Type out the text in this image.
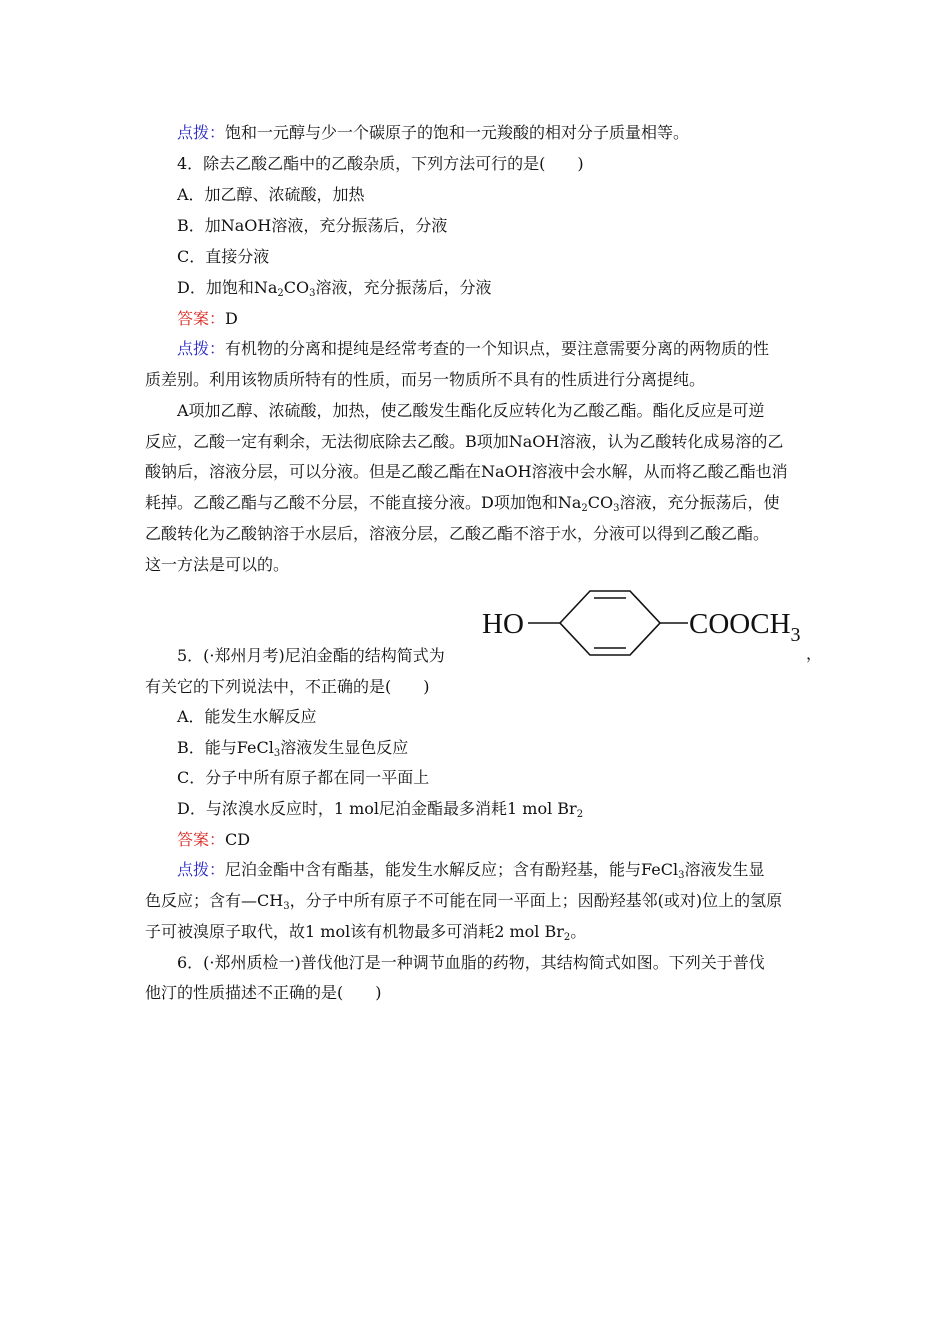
点拨：饱和一元醇与少一个碳原子的饱和一元羧酸的相对分子质量相等。
4．除去乙酸乙酯中的乙酸杂质，下列方法可行的是(　　)
A．加乙醇、浓硫酸，加热
B．加NaOH溶液，充分振荡后，分液
C．直接分液
D．加饱和$Na_2CO_3$溶液，充分振荡后，分液
答案：D
点拨：有机物的分离和提纯是经常考查的一个知识点，要注意需要分离的两物质的性
质差别。利用该物质所特有的性质，而另一物质所不具有的性质进行分离提纯。
A项加乙醇、浓硫酸，加热，使乙酸发生酯化反应转化为乙酸乙酯。酯化反应是可逆
反应，乙酸一定有剩余，无法彻底除去乙酸。B项加NaOH溶液，认为乙酸转化成易溶的乙
酸钠后，溶液分层，可以分液。但是乙酸乙酯在NaOH溶液中会水解，从而将乙酸乙酯也消
耗掉。乙酸乙酯与乙酸不分层，不能直接分液。D项加饱和$Na_2CO_3$溶液，充分振荡后，使
乙酸转化为乙酸钠溶于水层后，溶液分层，乙酸乙酯不溶于水，分液可以得到乙酸乙酯。
这一方法是可以的。
HO	$COOCH_3$
5．(·郑州月考)尼泊金酯的结构简式为	，
有关它的下列说法中，不正确的是(　　)
A．能发生水解反应
B．能与FeCl$_3$溶液发生显色反应
C．分子中所有原子都在同一平面上
D．与浓溴水反应时，1 mol尼泊金酯最多消耗1 mol $Br_2$
答案：CD
点拨：尼泊金酯中含有酯基，能发生水解反应；含有酚羟基，能与FeCl$_3$溶液发生显
色反应；含有$—CH_3$，分子中所有原子不可能在同一平面上；因酚羟基邻(或对)位上的氢原
子可被溴原子取代，故1 mol该有机物最多可消耗2 mol $Br_2$。
6．(·郑州质检一)普伐他汀是一种调节血脂的药物，其结构简式如图。下列关于普伐
他汀的性质描述不正确的是(　　)
